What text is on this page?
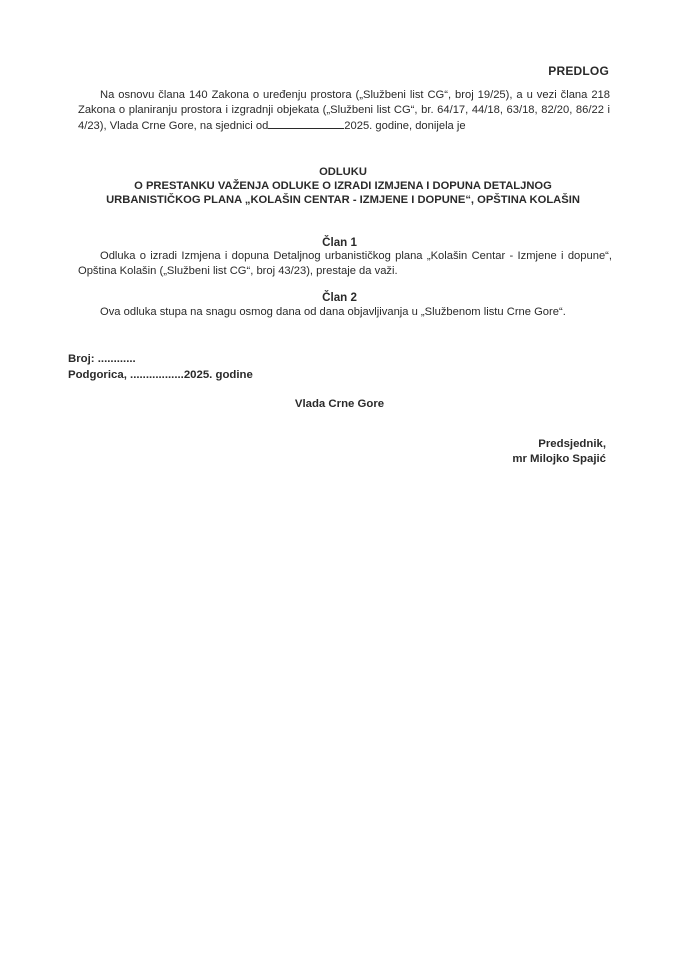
PREDLOG

Na osnovu člana 140 Zakona o uređenju prostora („Službeni list CG“, broj 19/25), a u vezi člana 218 Zakona o planiranju prostora i izgradnji objekata („Službeni list CG“, br. 64/17, 44/18, 63/18, 82/20, 86/22 i 4/23), Vlada Crne Gore, na sjednici od	2025. godine, donijela je

ODLUKU
O PRESTANKU VAŽENJA ODLUKE O IZRADI IZMJENA I DOPUNA DETALJNOG
URBANISTIČKOG PLANA „KOLAŠIN CENTAR - IZMJENE I DOPUNE“, OPŠTINA KOLAŠIN
Član 1

Odluka o izradi Izmjena i dopuna Detaljnog urbanističkog plana „Kolašin Centar - Izmjene i dopune“, Opština Kolašin („Službeni list CG“, broj 43/23), prestaje da važi.

Član 2

Ova odluka stupa na snagu osmog dana od dana objavljivanja u „Službenom listu Crne Gore“.

Broj: ............
Podgorica, .................2025. godine
Vlada Crne Gore
Predsjednik,
mr Milojko Spajić
